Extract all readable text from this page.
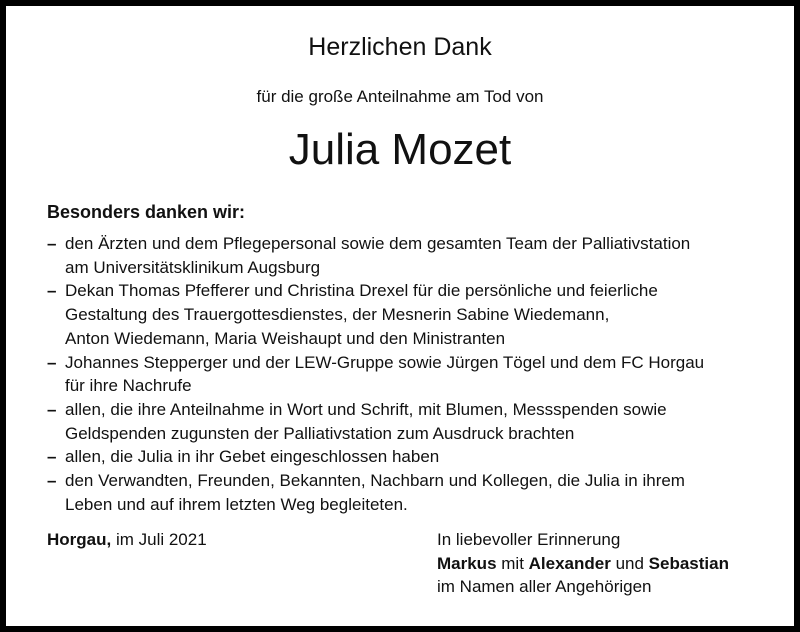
Herzlichen Dank
für die große Anteilnahme am Tod von
Julia Mozet
Besonders danken wir:
– den Ärzten und dem Pflegepersonal sowie dem gesamten Team der Palliativstation
am Universitätsklinikum Augsburg
– Dekan Thomas Pfefferer und Christina Drexel für die persönliche und feierliche
Gestaltung des Trauergottesdienstes, der Mesnerin Sabine Wiedemann,
Anton Wiedemann, Maria Weishaupt und den Ministranten
– Johannes Stepperger und der LEW-Gruppe sowie Jürgen Tögel und dem FC Horgau
für ihre Nachrufe
– allen, die ihre Anteilnahme in Wort und Schrift, mit Blumen, Messspenden sowie
Geldspenden zugunsten der Palliativstation zum Ausdruck brachten
– allen, die Julia in ihr Gebet eingeschlossen haben
– den Verwandten, Freunden, Bekannten, Nachbarn und Kollegen, die Julia in ihrem
Leben und auf ihrem letzten Weg begleiteten.
Horgau, im Juli 2021	In liebevoller Erinnerung
Markus mit Alexander und Sebastian
im Namen aller Angehörigen
